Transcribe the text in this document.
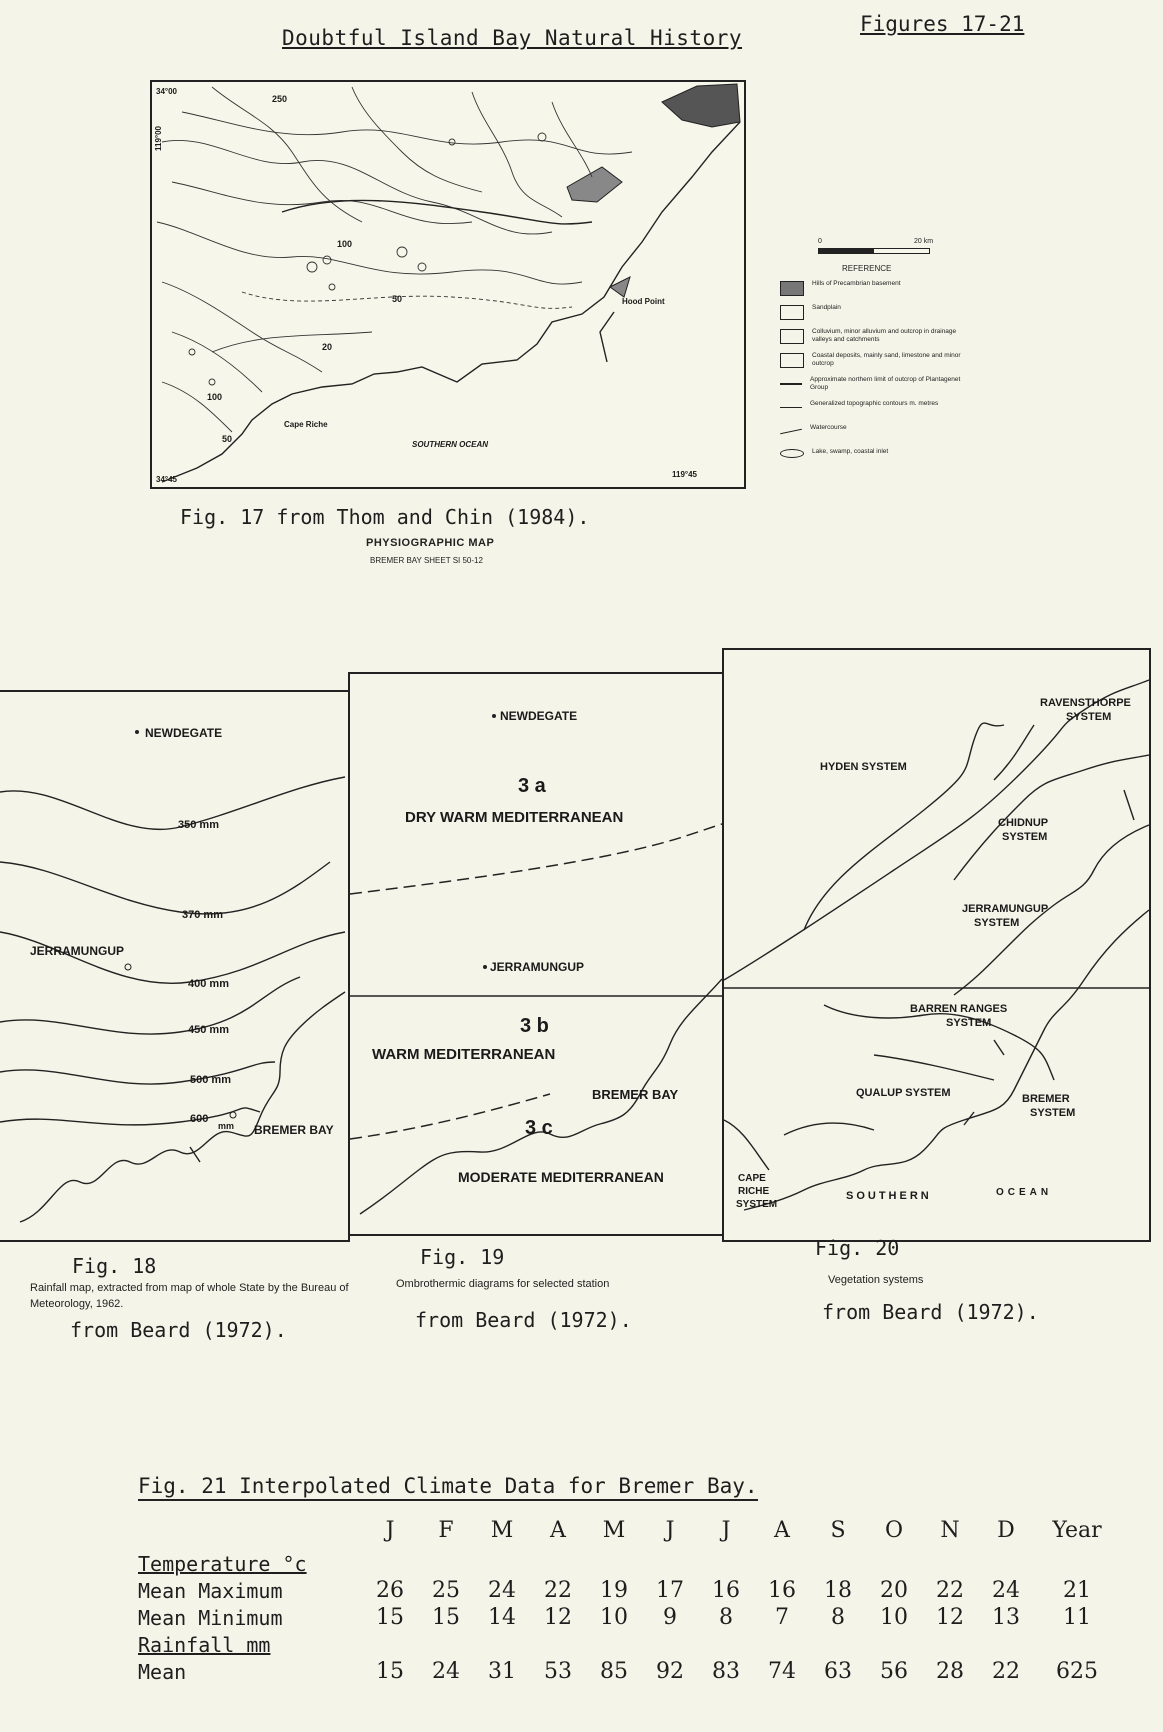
Doubtful Island Bay Natural History
Figures 17-21
34°00
34°45
119°00
119°45
250
100
50
20
100
50
Hood Point
Cape Riche
SOUTHERN OCEAN
0	20 km
REFERENCE
Hills of Precambrian basement
Sandplain
Colluvium, minor alluvium and outcrop in drainage valleys and catchments
Coastal deposits, mainly sand, limestone and minor outcrop
Approximate northern limit of outcrop of Plantagenet Group
Generalized topographic contours m. metres
Watercourse
Lake, swamp, coastal inlet
Fig. 17 from Thom and Chin (1984).
PHYSIOGRAPHIC MAP
BREMER BAY SHEET SI 50-12
NEWDEGATE
JERRAMUNGUP
BREMER BAY
350 mm
370 mm
400 mm
450 mm
500 mm
600
mm
Fig. 18
Rainfall map, extracted from map of whole State by the Bureau of Meteorology, 1962.
from Beard (1972).
NEWDEGATE
JERRAMUNGUP
BREMER BAY
3 a
DRY WARM MEDITERRANEAN
3 b
WARM MEDITERRANEAN
3 c
MODERATE MEDITERRANEAN
Fig. 19
Ombrothermic diagrams for selected station
from Beard (1972).
RAVENSTHORPE
SYSTEM
HYDEN SYSTEM
CHIDNUP
SYSTEM
JERRAMUNGUP
SYSTEM
BARREN RANGES
SYSTEM
QUALUP SYSTEM	BREMER
SYSTEM
CAPE
RICHE
SYSTEM
SOUTHERN	OCEAN
Fig. 20
Vegetation systems
from Beard (1972).
Fig. 21 Interpolated Climate Data for Bremer Bay.
	J	F	M	A	M	J	J	A	S	O	N	D	Year
Temperature °c													
Mean Maximum	26	25	24	22	19	17	16	16	18	20	22	24	21
Mean Minimum	15	15	14	12	10	9	8	7	8	10	12	13	11
Rainfall mm													
Mean	15	24	31	53	85	92	83	74	63	56	28	22	625
